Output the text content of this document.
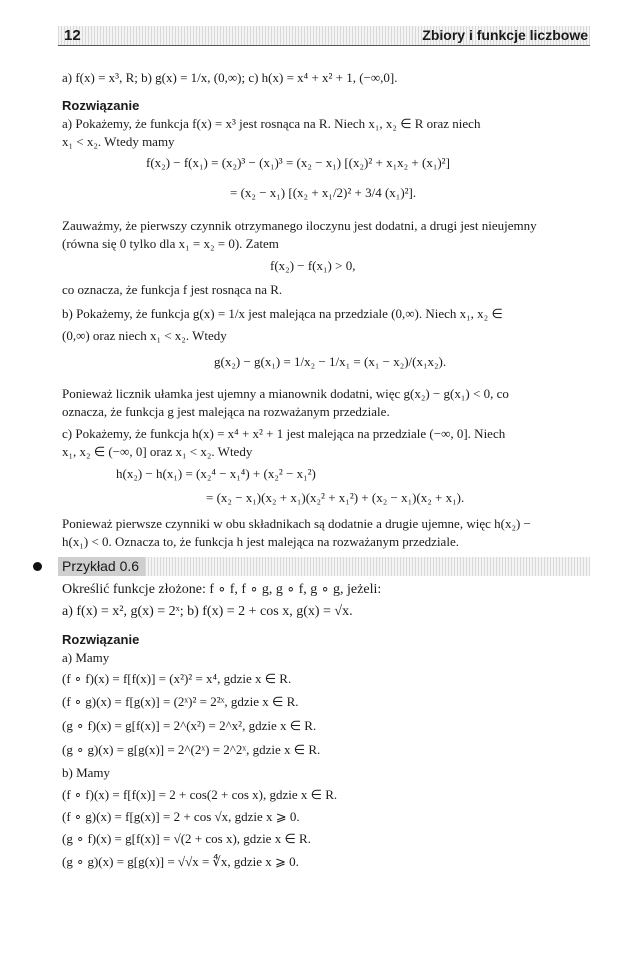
12	Zbiory i funkcje liczbowe
a) f(x) = x³, R; b) g(x) = 1/x, (0,∞); c) h(x) = x⁴ + x² + 1, (−∞,0].
Rozwiązanie
a) Pokażemy, że funkcja f(x) = x³ jest rosnąca na R. Niech x₁, x₂ ∈ R oraz niech
x₁ < x₂. Wtedy mamy
f(x₂) − f(x₁) = (x₂)³ − (x₁)³ = (x₂ − x₁) [(x₂)² + x₁x₂ + (x₁)²]
= (x₂ − x₁) [(x₂ + x₁/2)² + 3/4 (x₁)²].
Zauważmy, że pierwszy czynnik otrzymanego iloczynu jest dodatni, a drugi jest nieujemny
(równa się 0 tylko dla x₁ = x₂ = 0). Zatem
f(x₂) − f(x₁) > 0,
co oznacza, że funkcja f jest rosnąca na R.
b) Pokażemy, że funkcja g(x) = 1/x jest malejąca na przedziale (0,∞). Niech x₁, x₂ ∈
(0,∞) oraz niech x₁ < x₂. Wtedy
g(x₂) − g(x₁) = 1/x₂ − 1/x₁ = (x₁ − x₂)/(x₁x₂).
Ponieważ licznik ułamka jest ujemny a mianownik dodatni, więc g(x₂) − g(x₁) < 0, co
oznacza, że funkcja g jest malejąca na rozważanym przedziale.
c) Pokażemy, że funkcja h(x) = x⁴ + x² + 1 jest malejąca na przedziale (−∞, 0]. Niech
x₁, x₂ ∈ (−∞, 0] oraz x₁ < x₂. Wtedy
h(x₂) − h(x₁) = (x₂⁴ − x₁⁴) + (x₂² − x₁²)
= (x₂ − x₁)(x₂ + x₁)(x₂² + x₁²) + (x₂ − x₁)(x₂ + x₁).
Ponieważ pierwsze czynniki w obu składnikach są dodatnie a drugie ujemne, więc h(x₂) −
h(x₁) < 0. Oznacza to, że funkcja h jest malejąca na rozważanym przedziale.
Przykład 0.6
Określić funkcje złożone: f ∘ f, f ∘ g, g ∘ f, g ∘ g, jeżeli:
a) f(x) = x², g(x) = 2ˣ; b) f(x) = 2 + cos x, g(x) = √x.
Rozwiązanie
a) Mamy
(f ∘ f)(x) = f[f(x)] = (x²)² = x⁴, gdzie x ∈ R.
(f ∘ g)(x) = f[g(x)] = (2ˣ)² = 2²ˣ, gdzie x ∈ R.
(g ∘ f)(x) = g[f(x)] = 2^(x²) = 2^x², gdzie x ∈ R.
(g ∘ g)(x) = g[g(x)] = 2^(2ˣ) = 2^2ˣ, gdzie x ∈ R.
b) Mamy
(f ∘ f)(x) = f[f(x)] = 2 + cos(2 + cos x), gdzie x ∈ R.
(f ∘ g)(x) = f[g(x)] = 2 + cos √x, gdzie x ⩾ 0.
(g ∘ f)(x) = g[f(x)] = √(2 + cos x), gdzie x ∈ R.
(g ∘ g)(x) = g[g(x)] = √√x = ∜x, gdzie x ⩾ 0.
